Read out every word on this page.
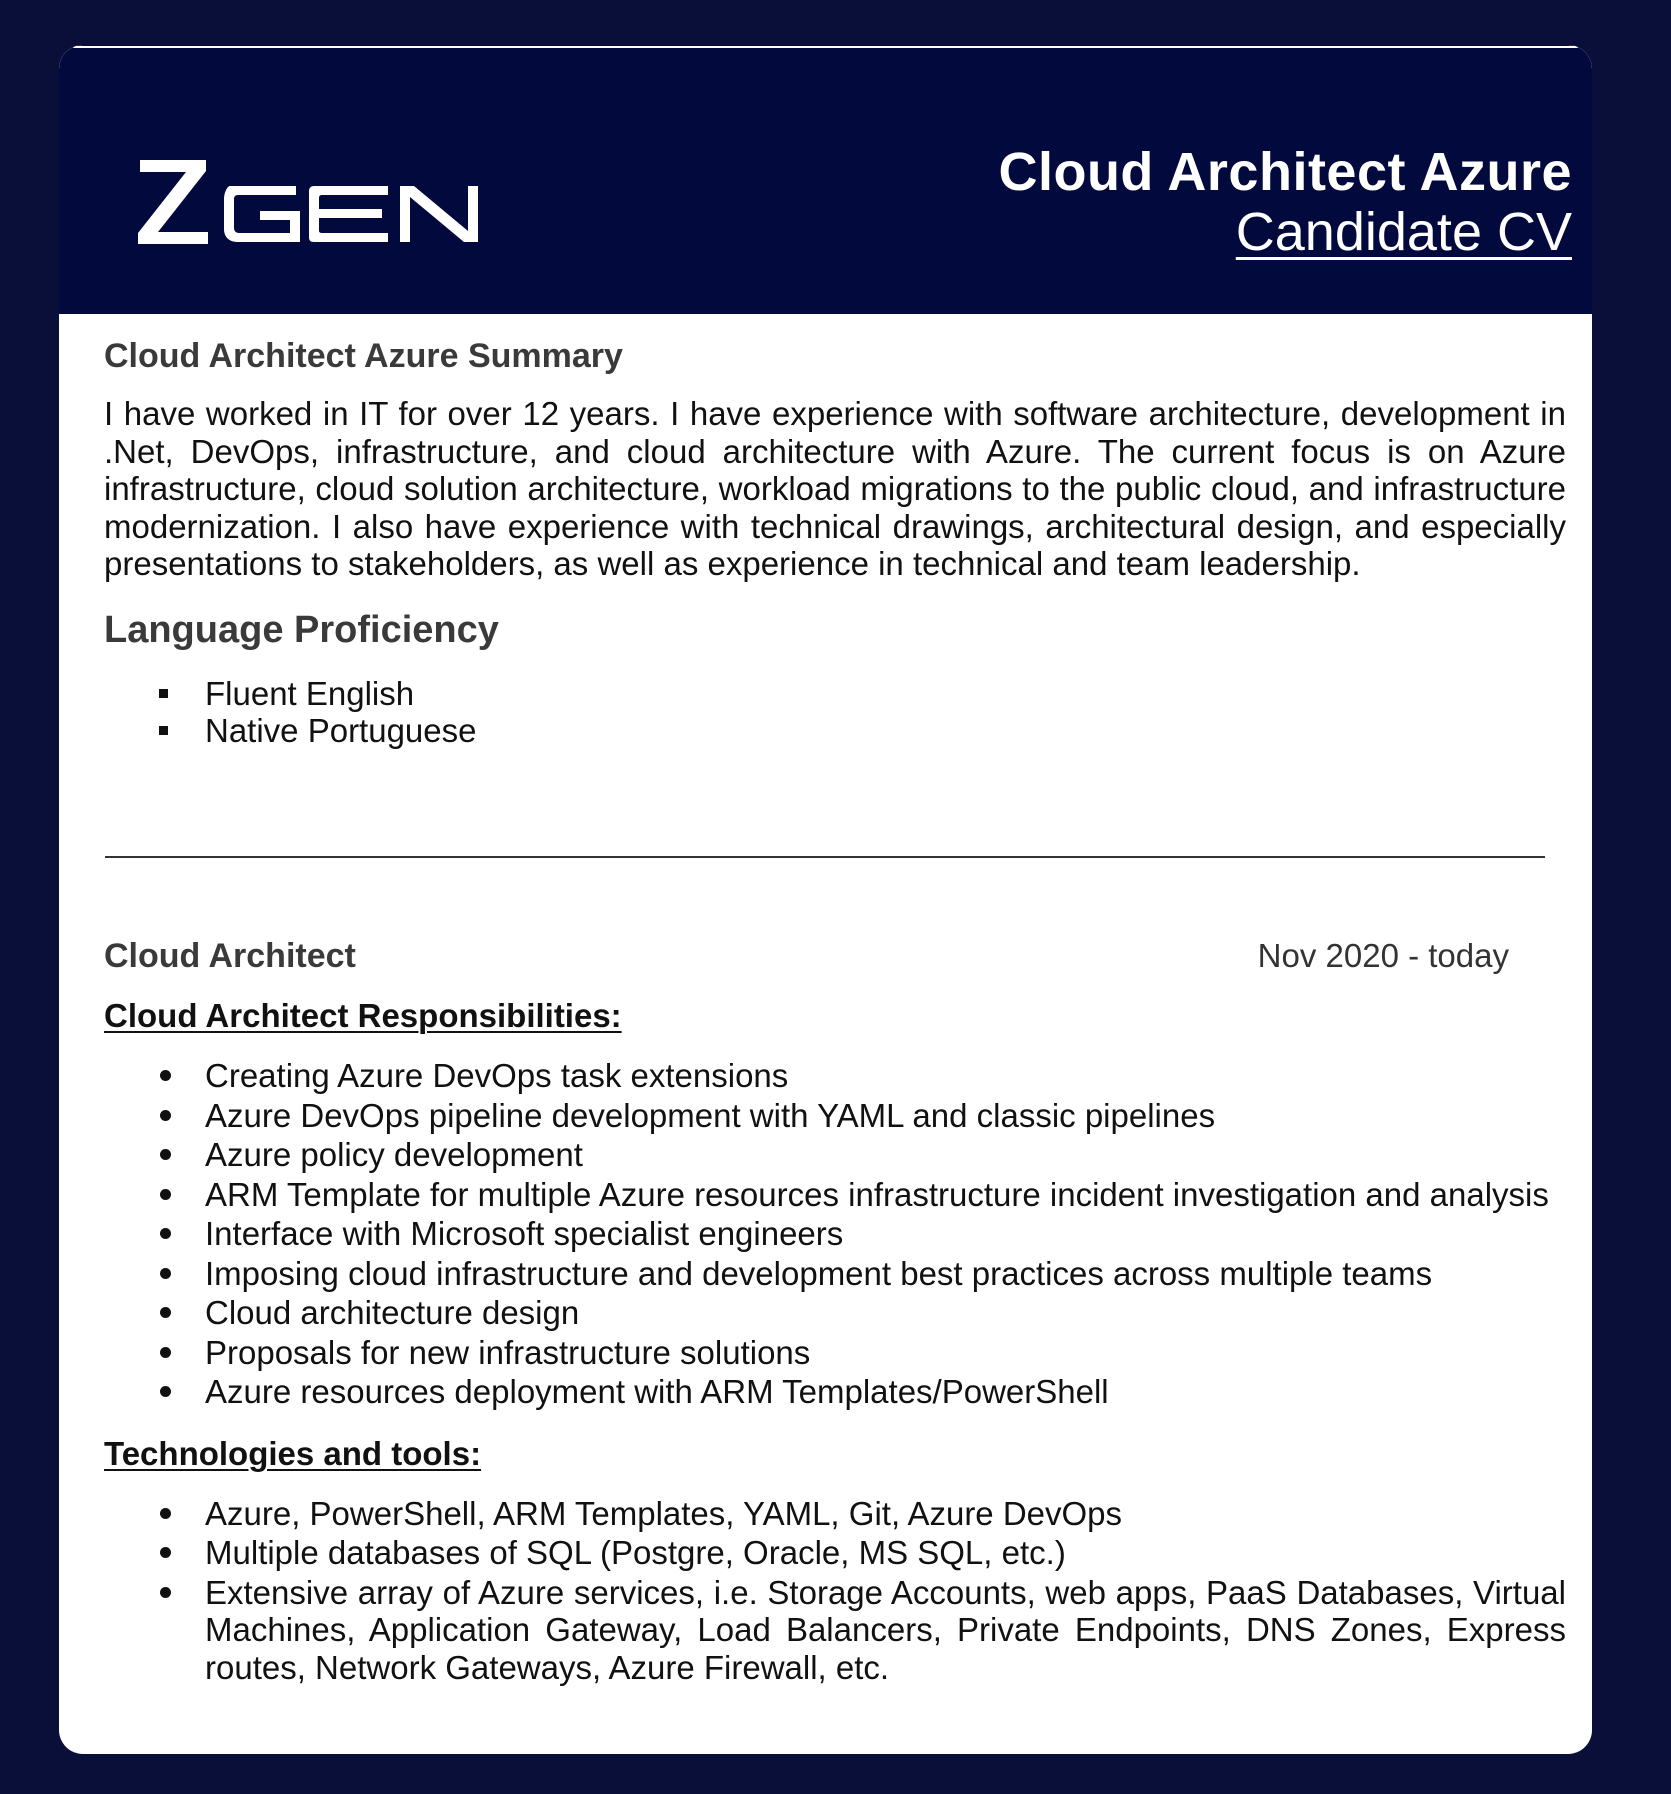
Cloud Architect Azure
Candidate CV
Cloud Architect Azure Summary

I have worked in IT for over 12 years. I have experience with software architecture, development in .Net, DevOps, infrastructure, and cloud architecture with Azure. The current focus is on Azure infrastructure, cloud solution architecture, workload migrations to the public cloud, and infrastructure modernization. I also have experience with technical drawings, architectural design, and especially presentations to stakeholders, as well as experience in technical and team leadership.

Language Proficiency
Fluent English
Native Portuguese
Cloud Architect	Nov 2020 - today
Cloud Architect Responsibilities:
Creating Azure DevOps task extensions
Azure DevOps pipeline development with YAML and classic pipelines
Azure policy development
ARM Template for multiple Azure resources infrastructure incident investigation and analysis
Interface with Microsoft specialist engineers
Imposing cloud infrastructure and development best practices across multiple teams
Cloud architecture design
Proposals for new infrastructure solutions
Azure resources deployment with ARM Templates/PowerShell
Technologies and tools:
Azure, PowerShell, ARM Templates, YAML, Git, Azure DevOps
Multiple databases of SQL (Postgre, Oracle, MS SQL, etc.)
Extensive array of Azure services, i.e. Storage Accounts, web apps, PaaS Databases, Virtual Machines, Application Gateway, Load Balancers, Private Endpoints, DNS Zones, Express routes, Network Gateways, Azure Firewall, etc.
